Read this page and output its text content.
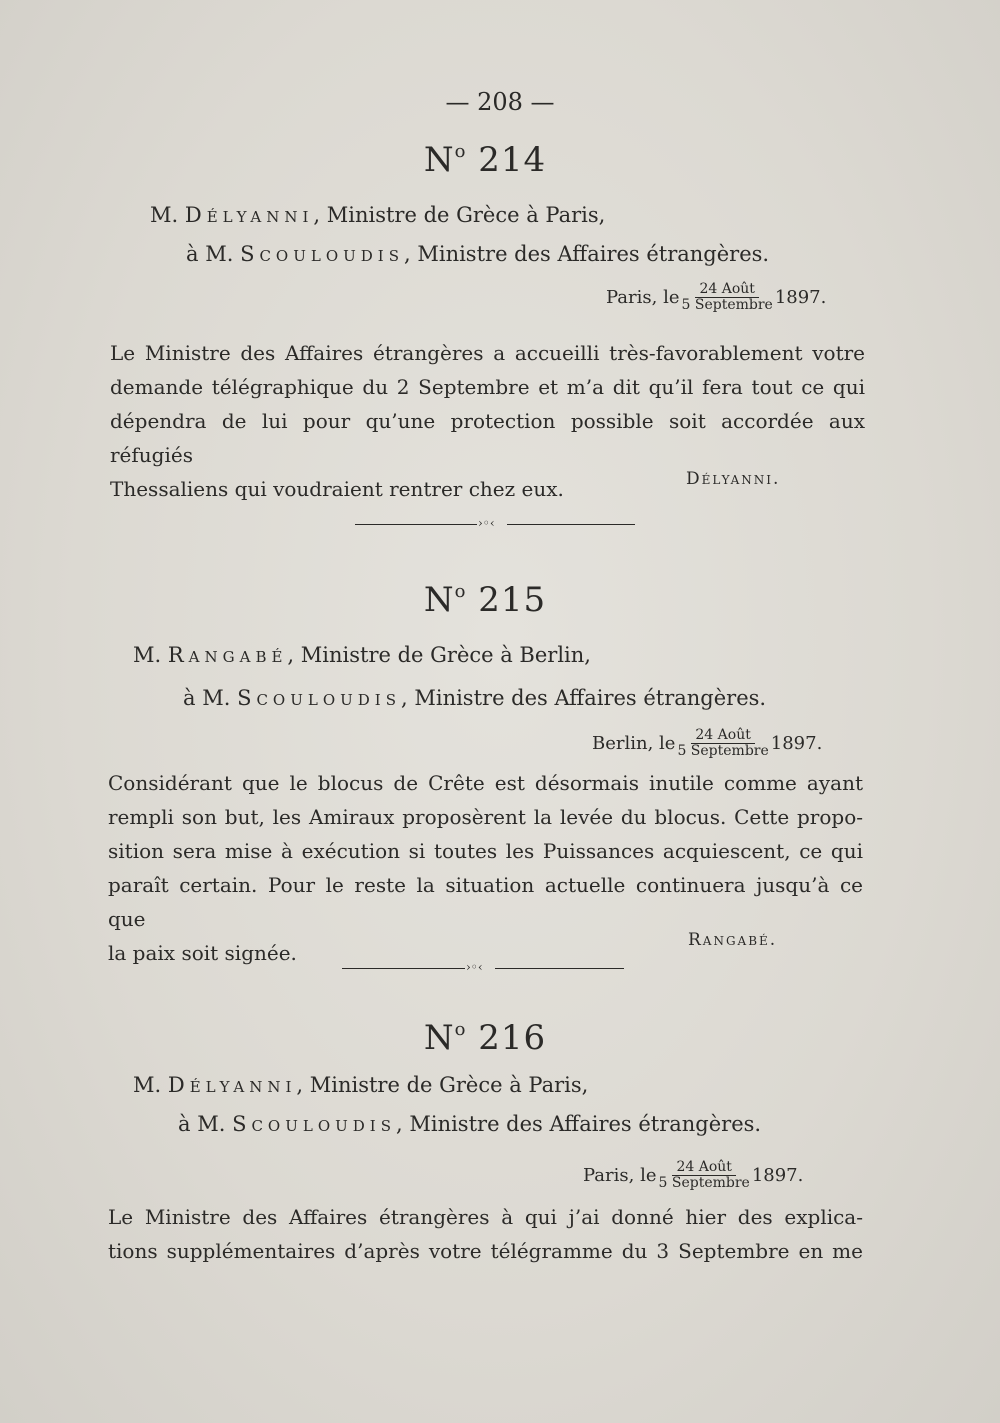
— 208 —
$N^o$ 214
M. Délyanni, Ministre de Grèce à Paris,
à M. Scouloudis, Ministre des Affaires étrangères.
Paris, le $\frac{\text{24 Août}}{\text{5 Septembre}} 1897$.
Le Ministre des Affaires étrangères a accueilli très-favorablement votre
demande télégraphique du 2 Septembre et m’a dit qu’il fera tout ce qui
dépendra de lui pour qu’une protection possible soit accordée aux réfugiés
Thessaliens qui voudraient rentrer chez eux.	Délyanni.
›◦‹
$N^o$ 215
M. Rangabé, Ministre de Grèce à Berlin,
à M. Scouloudis, Ministre des Affaires étrangères.
Berlin, le $\frac{\text{24 Août}}{\text{5 Septembre}} 1897$.
Considérant que le blocus de Crête est désormais inutile comme ayant
rempli son but, les Amiraux proposèrent la levée du blocus. Cette propo-
sition sera mise à exécution si toutes les Puissances acquiescent, ce qui
paraît certain. Pour le reste la situation actuelle continuera jusqu’à ce que
la paix soit signée.
Rangabé.
›◦‹
$N^o$ 216
M. Délyanni, Ministre de Grèce à Paris,
à M. Scouloudis, Ministre des Affaires étrangères.
Paris, le $\frac{\text{24 Août}}{\text{5 Septembre}} 1897$.
Le Ministre des Affaires étrangères à qui j’ai donné hier des explica-
tions supplémentaires d’après votre télégramme du 3 Septembre en me
